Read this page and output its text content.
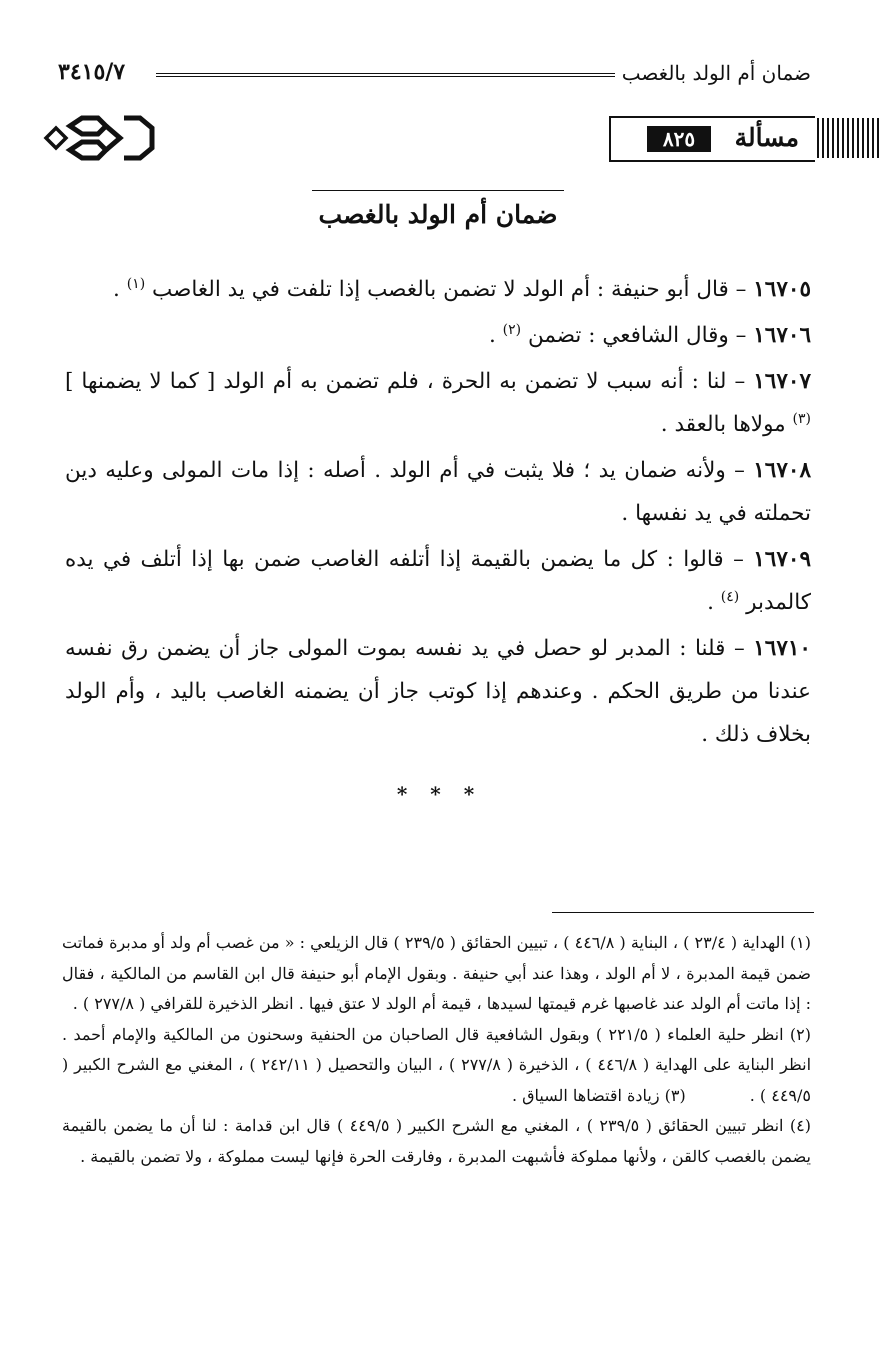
ضمان أم الولد بالغصب
٣٤١٥/٧
مسألة
٨٢٥
ضمان أم الولد بالغصب

١٦٧٠٥ – قال أبو حنيفة : أم الولد لا تضمن بالغصب إذا تلفت في يد الغاصب $^{(١)}$ .

١٦٧٠٦ – وقال الشافعي : تضمن $^{(٢)}$ .

١٦٧٠٧ – لنا : أنه سبب لا تضمن به الحرة ، فلم تضمن به أم الولد [ كما لا يضمنها ] $^{(٣)}$ مولاها بالعقد .

١٦٧٠٨ – ولأنه ضمان يد ؛ فلا يثبت في أم الولد . أصله : إذا مات المولى وعليه دين تحملته في يد نفسها .

١٦٧٠٩ – قالوا : كل ما يضمن بالقيمة إذا أتلفه الغاصب ضمن بها إذا أتلف في يده كالمدبر $^{(٤)}$ .

١٦٧١٠ – قلنا : المدبر لو حصل في يد نفسه بموت المولى جاز أن يضمن رق نفسه عندنا من طريق الحكم . وعندهم إذا كوتب جاز أن يضمنه الغاصب باليد ، وأم الولد بخلاف ذلك .

* * *

(١) الهداية ( ٢٣/٤ ) ، البناية ( ٤٤٦/٨ ) ، تبيين الحقائق ( ٢٣٩/٥ ) قال الزيلعي : « من غصب أم ولد أو مدبرة فماتت ضمن قيمة المدبرة ، لا أم الولد ، وهذا عند أبي حنيفة . وبقول الإمام أبو حنيفة قال ابن القاسم من المالكية ، فقال : إذا ماتت أم الولد عند غاصبها غرم قيمتها لسيدها ، قيمة أم الولد لا عتق فيها . انظر الذخيرة للقرافي ( ٢٧٧/٨ ) .

(٢) انظر حلية العلماء ( ٢٢١/٥ ) وبقول الشافعية قال الصاحبان من الحنفية وسحنون من المالكية والإمام أحمد . انظر البناية على الهداية ( ٤٤٦/٨ ) ، الذخيرة ( ٢٧٧/٨ ) ، البيان والتحصيل ( ٢٤٢/١١ ) ، المغني مع الشرح الكبير ( ٤٤٩/٥ ) .(٣) زيادة اقتضاها السياق .

(٤) انظر تبيين الحقائق ( ٢٣٩/٥ ) ، المغني مع الشرح الكبير ( ٤٤٩/٥ ) قال ابن قدامة : لنا أن ما يضمن بالقيمة يضمن بالغصب كالقن ، ولأنها مملوكة فأشبهت المدبرة ، وفارقت الحرة فإنها ليست مملوكة ، ولا تضمن بالقيمة .
